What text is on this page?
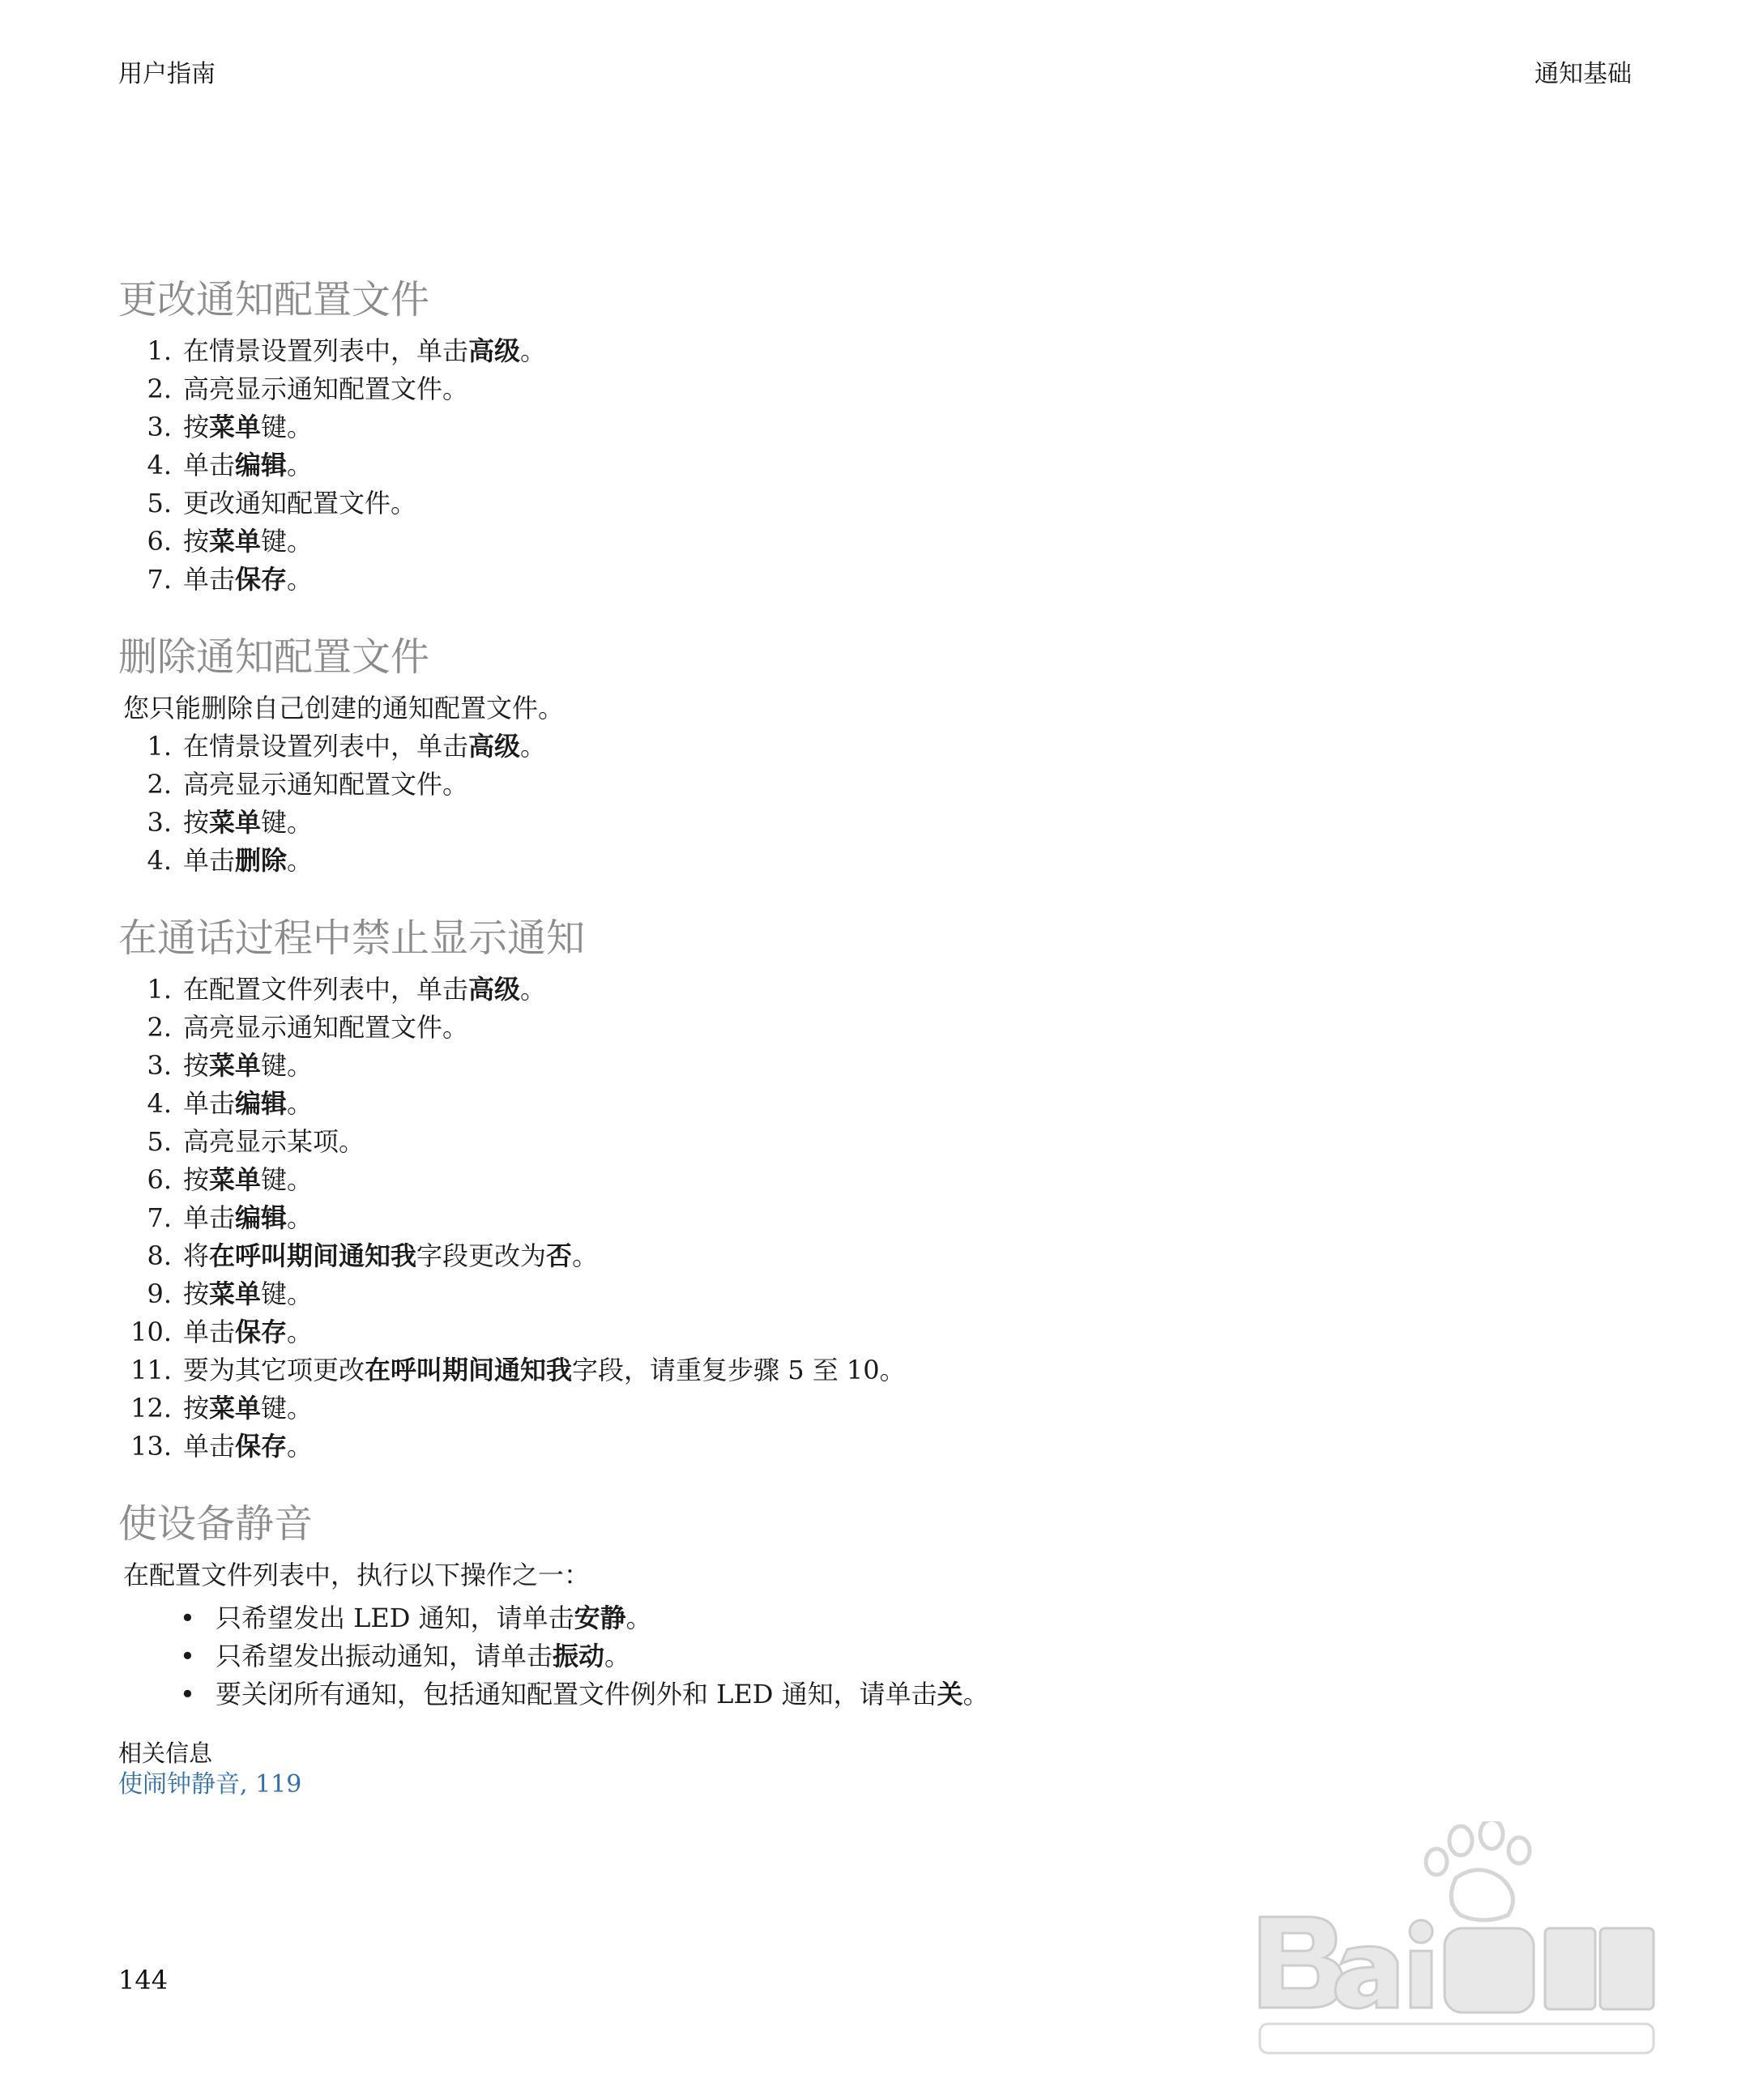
用户指南	通知基础
更改通知配置文件
1. 在情景设置列表中，单击高级。
2. 高亮显示通知配置文件。
3. 按菜单键。
4. 单击编辑。
5. 更改通知配置文件。
6. 按菜单键。
7. 单击保存。
删除通知配置文件
您只能删除自己创建的通知配置文件。
1. 在情景设置列表中，单击高级。
2. 高亮显示通知配置文件。
3. 按菜单键。
4. 单击删除。
在通话过程中禁止显示通知
1. 在配置文件列表中，单击高级。
2. 高亮显示通知配置文件。
3. 按菜单键。
4. 单击编辑。
5. 高亮显示某项。
6. 按菜单键。
7. 单击编辑。
8. 将在呼叫期间通知我字段更改为否。
9. 按菜单键。
10. 单击保存。
11. 要为其它项更改在呼叫期间通知我字段，请重复步骤 5 至 10。
12. 按菜单键。
13. 单击保存。
使设备静音
在配置文件列表中，执行以下操作之一：
• 只希望发出 LED 通知，请单击安静。
• 只希望发出振动通知，请单击振动。
• 要关闭所有通知，包括通知配置文件例外和 LED 通知，请单击关。
相关信息
使闹钟静音, 119
144
